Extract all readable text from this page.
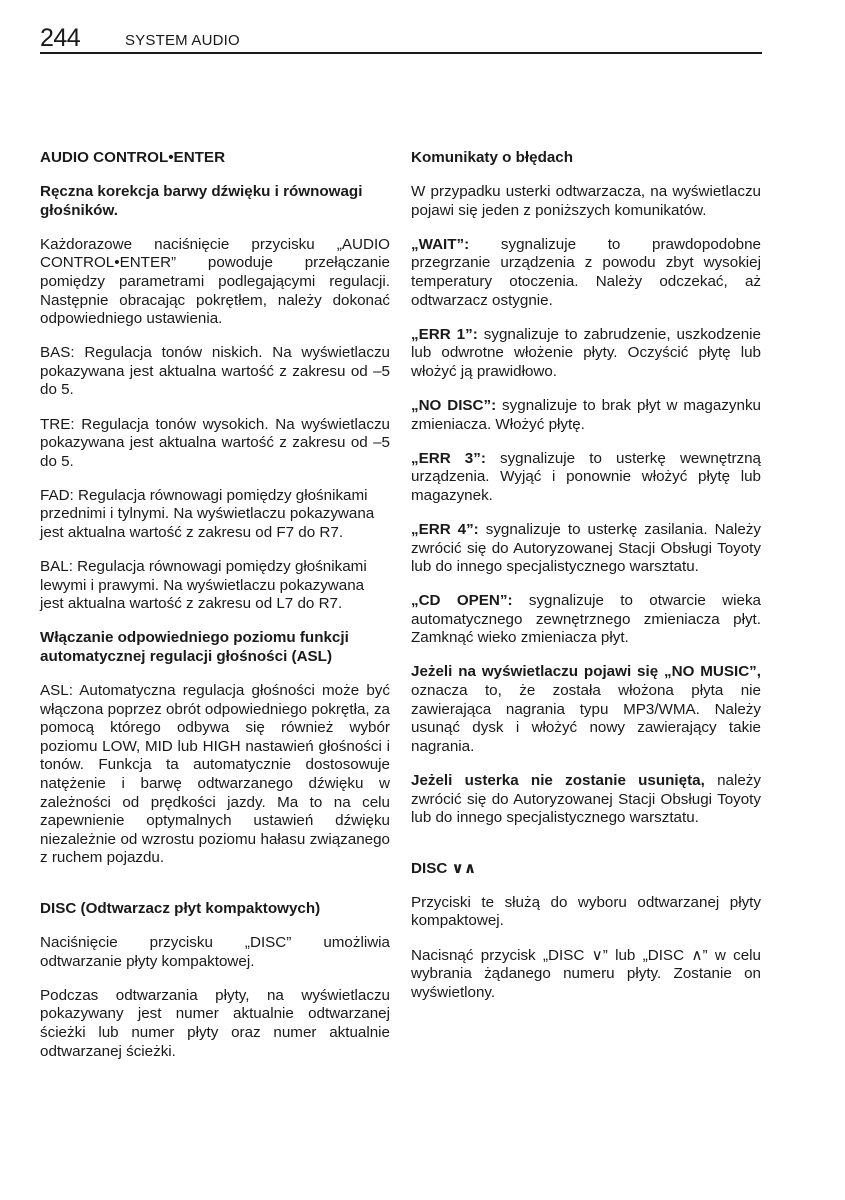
244	SYSTEM AUDIO

AUDIO CONTROL•ENTER

Ręczna korekcja barwy dźwięku i równowagi głośników.

Każdorazowe naciśnięcie przycisku „AUDIO CONTROL•ENTER” powoduje przełączanie pomiędzy parametrami podlegającymi regulacji. Następnie obracając pokrętłem, należy dokonać odpowiedniego ustawienia.

BAS: Regulacja tonów niskich. Na wyświetlaczu pokazywana jest aktualna wartość z zakresu od –5 do 5.

TRE: Regulacja tonów wysokich. Na wyświetlaczu pokazywana jest aktualna wartość z zakresu od –5 do 5.

FAD: Regulacja równowagi pomiędzy głośnikami przednimi i tylnymi. Na wyświetlaczu pokazywana jest aktualna wartość z zakresu od F7 do R7.

BAL: Regulacja równowagi pomiędzy głośnikami lewymi i prawymi. Na wyświetlaczu pokazywana jest aktualna wartość z zakresu od L7 do R7.

Włączanie odpowiedniego poziomu funkcji automatycznej regulacji głośności (ASL)

ASL: Automatyczna regulacja głośności może być włączona poprzez obrót odpowiedniego pokrętła, za pomocą którego odbywa się również wybór poziomu LOW, MID lub HIGH nastawień głośności i tonów. Funkcja ta automatycznie dostosowuje natężenie i barwę odtwarzanego dźwięku w zależności od prędkości jazdy. Ma to na celu zapewnienie optymalnych ustawień dźwięku niezależnie od wzrostu poziomu hałasu związanego z ruchem pojazdu.

DISC (Odtwarzacz płyt kompaktowych)

Naciśnięcie przycisku „DISC” umożliwia odtwarzanie płyty kompaktowej.

Podczas odtwarzania płyty, na wyświetlaczu pokazywany jest numer aktualnie odtwarzanej ścieżki lub numer płyty oraz numer aktualnie odtwarzanej ścieżki.

Komunikaty o błędach

W przypadku usterki odtwarzacza, na wyświetlaczu pojawi się jeden z poniższych komunikatów.

„WAIT”: sygnalizuje to prawdopodobne przegrzanie urządzenia z powodu zbyt wysokiej temperatury otoczenia. Należy odczekać, aż odtwarzacz ostygnie.

„ERR 1”: sygnalizuje to zabrudzenie, uszkodzenie lub odwrotne włożenie płyty. Oczyścić płytę lub włożyć ją prawidłowo.

„NO DISC”: sygnalizuje to brak płyt w magazynku zmieniacza. Włożyć płytę.

„ERR 3”: sygnalizuje to usterkę wewnętrzną urządzenia. Wyjąć i ponownie włożyć płytę lub magazynek.

„ERR 4”: sygnalizuje to usterkę zasilania. Należy zwrócić się do Autoryzowanej Stacji Obsługi Toyoty lub do innego specjalistycznego warsztatu.

„CD OPEN”: sygnalizuje to otwarcie wieka automatycznego zewnętrznego zmieniacza płyt. Zamknąć wieko zmieniacza płyt.

Jeżeli na wyświetlaczu pojawi się „NO MUSIC”, oznacza to, że została włożona płyta nie zawierająca nagrania typu MP3/WMA. Należy usunąć dysk i włożyć nowy zawierający takie nagrania.

Jeżeli usterka nie zostanie usunięta, należy zwrócić się do Autoryzowanej Stacji Obsługi Toyoty lub do innego specjalistycznego warsztatu.

DISC ∨∧

Przyciski te służą do wyboru odtwarzanej płyty kompaktowej.

Nacisnąć przycisk „DISC ∨” lub „DISC ∧” w celu wybrania żądanego numeru płyty. Zostanie on wyświetlony.
